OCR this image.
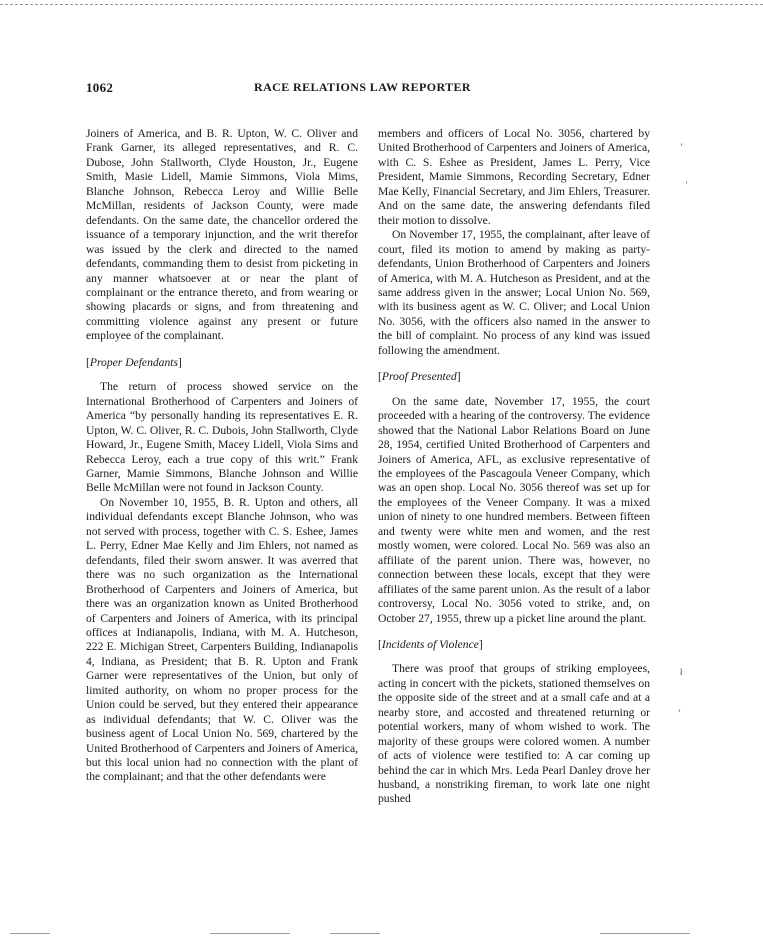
1062	RACE RELATIONS LAW REPORTER

Joiners of America, and B. R. Upton, W. C. Oliver and Frank Garner, its alleged representatives, and R. C. Dubose, John Stallworth, Clyde Houston, Jr., Eugene Smith, Masie Lidell, Mamie Simmons, Viola Mims, Blanche Johnson, Rebecca Leroy and Willie Belle McMillan, residents of Jackson County, were made defendants. On the same date, the chancellor ordered the issuance of a temporary injunction, and the writ therefor was issued by the clerk and directed to the named defendants, commanding them to desist from picketing in any manner whatsoever at or near the plant of complainant or the entrance thereto, and from wearing or showing placards or signs, and from threatening and committing violence against any present or future employee of the complainant.

[Proper Defendants]

The return of process showed service on the International Brotherhood of Carpenters and Joiners of America “by personally handing its representatives E. R. Upton, W. C. Oliver, R. C. Dubois, John Stallworth, Clyde Howard, Jr., Eugene Smith, Macey Lidell, Viola Sims and Rebecca Leroy, each a true copy of this writ.” Frank Garner, Mamie Simmons, Blanche Johnson and Willie Belle McMillan were not found in Jackson County.

On November 10, 1955, B. R. Upton and others, all individual defendants except Blanche Johnson, who was not served with process, together with C. S. Eshee, James L. Perry, Edner Mae Kelly and Jim Ehlers, not named as defendants, filed their sworn answer. It was averred that there was no such organization as the International Brotherhood of Carpenters and Joiners of America, but there was an organization known as United Brotherhood of Carpenters and Joiners of America, with its principal offices at Indianapolis, Indiana, with M. A. Hutcheson, 222 E. Michigan Street, Carpenters Building, Indianapolis 4, Indiana, as President; that B. R. Upton and Frank Garner were representatives of the Union, but only of limited authority, on whom no proper process for the Union could be served, but they entered their appearance as individual defendants; that W. C. Oliver was the business agent of Local Union No. 569, chartered by the United Brotherhood of Carpenters and Joiners of America, but this local union had no connection with the plant of the complainant; and that the other defendants were

members and officers of Local No. 3056, chartered by United Brotherhood of Carpenters and Joiners of America, with C. S. Eshee as President, James L. Perry, Vice President, Mamie Simmons, Recording Secretary, Edner Mae Kelly, Financial Secretary, and Jim Ehlers, Treasurer. And on the same date, the answering defendants filed their motion to dissolve.

On November 17, 1955, the complainant, after leave of court, filed its motion to amend by making as party-defendants, Union Brotherhood of Carpenters and Joiners of America, with M. A. Hutcheson as President, and at the same address given in the answer; Local Union No. 569, with its business agent as W. C. Oliver; and Local Union No. 3056, with the officers also named in the answer to the bill of complaint. No process of any kind was issued following the amendment.

[Proof Presented]

On the same date, November 17, 1955, the court proceeded with a hearing of the controversy. The evidence showed that the National Labor Relations Board on June 28, 1954, certified United Brotherhood of Carpenters and Joiners of America, AFL, as exclusive representative of the employees of the Pascagoula Veneer Company, which was an open shop. Local No. 3056 thereof was set up for the employees of the Veneer Company. It was a mixed union of ninety to one hundred members. Between fifteen and twenty were white men and women, and the rest mostly women, were colored. Local No. 569 was also an affiliate of the parent union. There was, however, no connection between these locals, except that they were affiliates of the same parent union. As the result of a labor controversy, Local No. 3056 voted to strike, and, on October 27, 1955, threw up a picket line around the plant.

[Incidents of Violence]

There was proof that groups of striking employees, acting in concert with the pickets, stationed themselves on the opposite side of the street and at a small cafe and at a nearby store, and accosted and threatened returning or potential workers, many of whom wished to work. The majority of these groups were colored women. A number of acts of violence were testified to: A car coming up behind the car in which Mrs. Leda Pearl Danley drove her husband, a nonstriking fireman, to work late one night pushed

’
ʼ
ł
’
